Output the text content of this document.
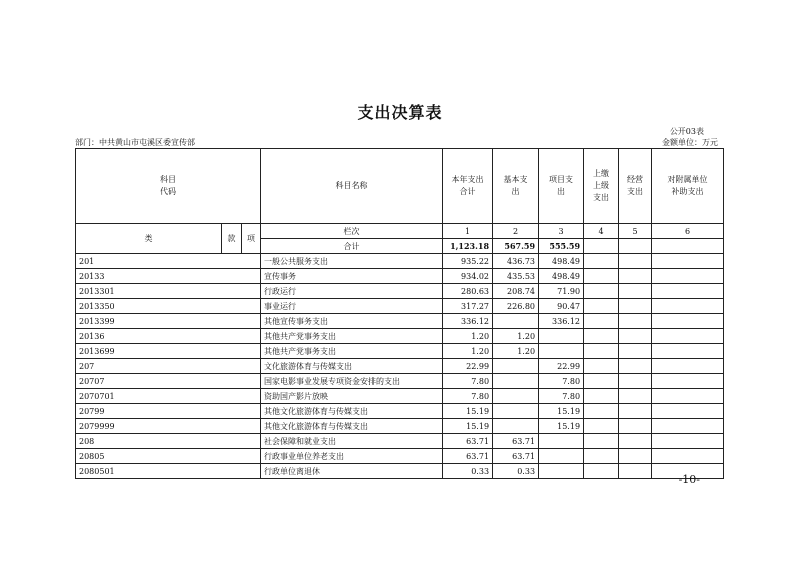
支出决算表
公开03表
部门：中共黄山市屯溪区委宣传部	金额单位：万元
科目
代码			科目名称	本年支出
合计	基本支
出	项目支
出	上缴
上级
支出	经营
支出	对附属单位
补助支出
类	款	项	栏次	1	2	3	4	5	6
			合计	1,123.18	567.59	555.59			
201			一般公共服务支出	935.22	436.73	498.49			
20133			宣传事务	934.02	435.53	498.49			
2013301			行政运行	280.63	208.74	71.90			
2013350			事业运行	317.27	226.80	90.47			
2013399			其他宣传事务支出	336.12		336.12			
20136			其他共产党事务支出	1.20	1.20				
2013699			其他共产党事务支出	1.20	1.20				
207			文化旅游体育与传媒支出	22.99		22.99			
20707			国家电影事业发展专项资金安排的支出	7.80		7.80			
2070701			资助国产影片放映	7.80		7.80			
20799			其他文化旅游体育与传媒支出	15.19		15.19			
2079999			其他文化旅游体育与传媒支出	15.19		15.19			
208			社会保障和就业支出	63.71	63.71				
20805			行政事业单位养老支出	63.71	63.71				
2080501			行政单位离退休	0.33	0.33				
-10-
